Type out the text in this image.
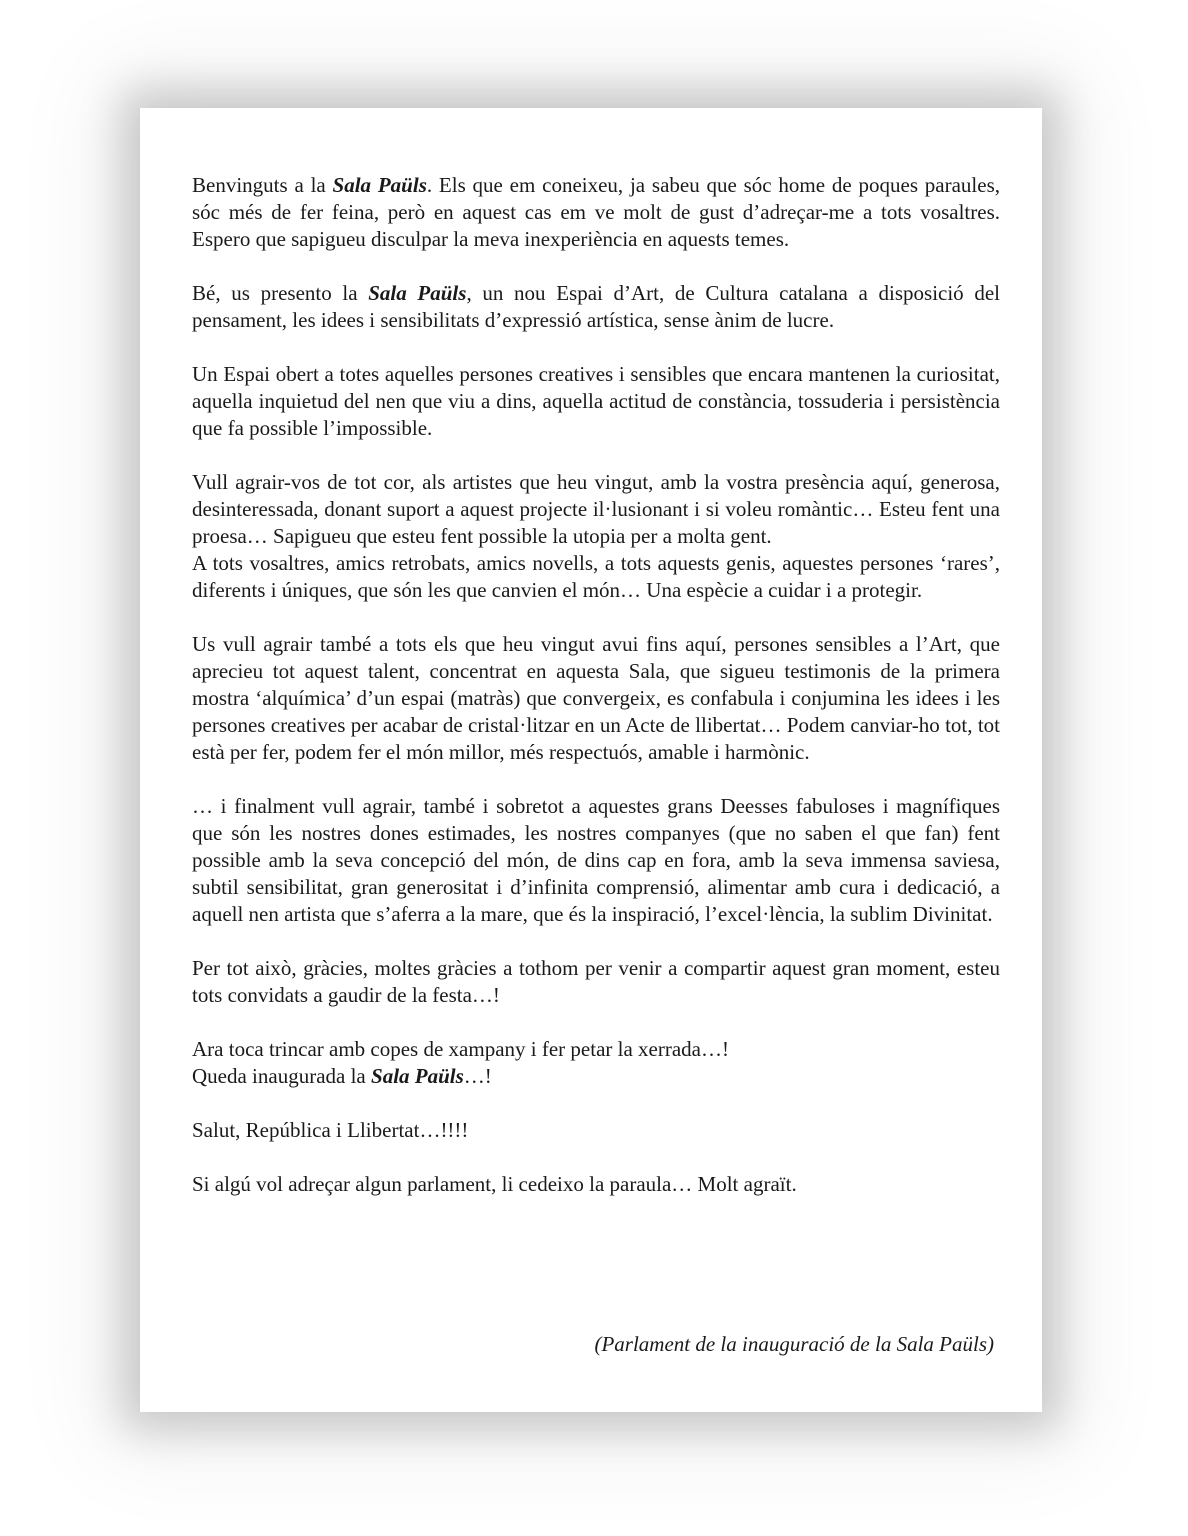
Benvinguts a la Sala Paüls. Els que em coneixeu, ja sabeu que sóc home de poques paraules, sóc més de fer feina, però en aquest cas em ve molt de gust d’adreçar-me a tots vosaltres. Espero que sapigueu disculpar la meva inexperiència en aquests temes.

Bé, us presento la Sala Paüls, un nou Espai d’Art, de Cultura catalana a disposició del pensament, les idees i sensibilitats d’expressió artística, sense ànim de lucre.

Un Espai obert a totes aquelles persones creatives i sensibles que encara mantenen la curiositat, aquella inquietud del nen que viu a dins, aquella actitud de constància, tossuderia i persistència que fa possible l’impossible.

Vull agrair-vos de tot cor, als artistes que heu vingut, amb la vostra presència aquí, generosa, desinteressada, donant suport a aquest projecte il·lusionant i si voleu romàntic… Esteu fent una proesa… Sapigueu que esteu fent possible la utopia per a molta gent.

A tots vosaltres, amics retrobats, amics novells, a tots aquests genis, aquestes persones ‘rares’, diferents i úniques, que són les que canvien el món… Una espècie a cuidar i a protegir.

Us vull agrair també a tots els que heu vingut avui fins aquí, persones sensibles a l’Art, que aprecieu tot aquest talent, concentrat en aquesta Sala, que sigueu testimonis de la primera mostra ‘alquímica’ d’un espai (matràs) que convergeix, es confabula i conjumina les idees i les persones creatives per acabar de cristal·litzar en un Acte de llibertat… Podem canviar-ho tot, tot està per fer, podem fer el món millor, més respectuós, amable i harmònic.

… i finalment vull agrair, també i sobretot a aquestes grans Deesses fabuloses i magnífiques que són les nostres dones estimades, les nostres companyes (que no saben el que fan) fent possible amb la seva concepció del món, de dins cap en fora, amb la seva immensa saviesa, subtil sensibilitat, gran generositat i d’infinita comprensió, alimentar amb cura i dedicació, a aquell nen artista que s’aferra a la mare, que és la inspiració, l’excel·lència, la sublim Divinitat.

Per tot això, gràcies, moltes gràcies a tothom per venir a compartir aquest gran moment, esteu tots convidats a gaudir de la festa…!

Ara toca trincar amb copes de xampany i fer petar la xerrada…!

Queda inaugurada la Sala Paüls…!

Salut, República i Llibertat…!!!!

Si algú vol adreçar algun parlament, li cedeixo la paraula… Molt agraït.

(Parlament de la inauguració de la Sala Paüls)
